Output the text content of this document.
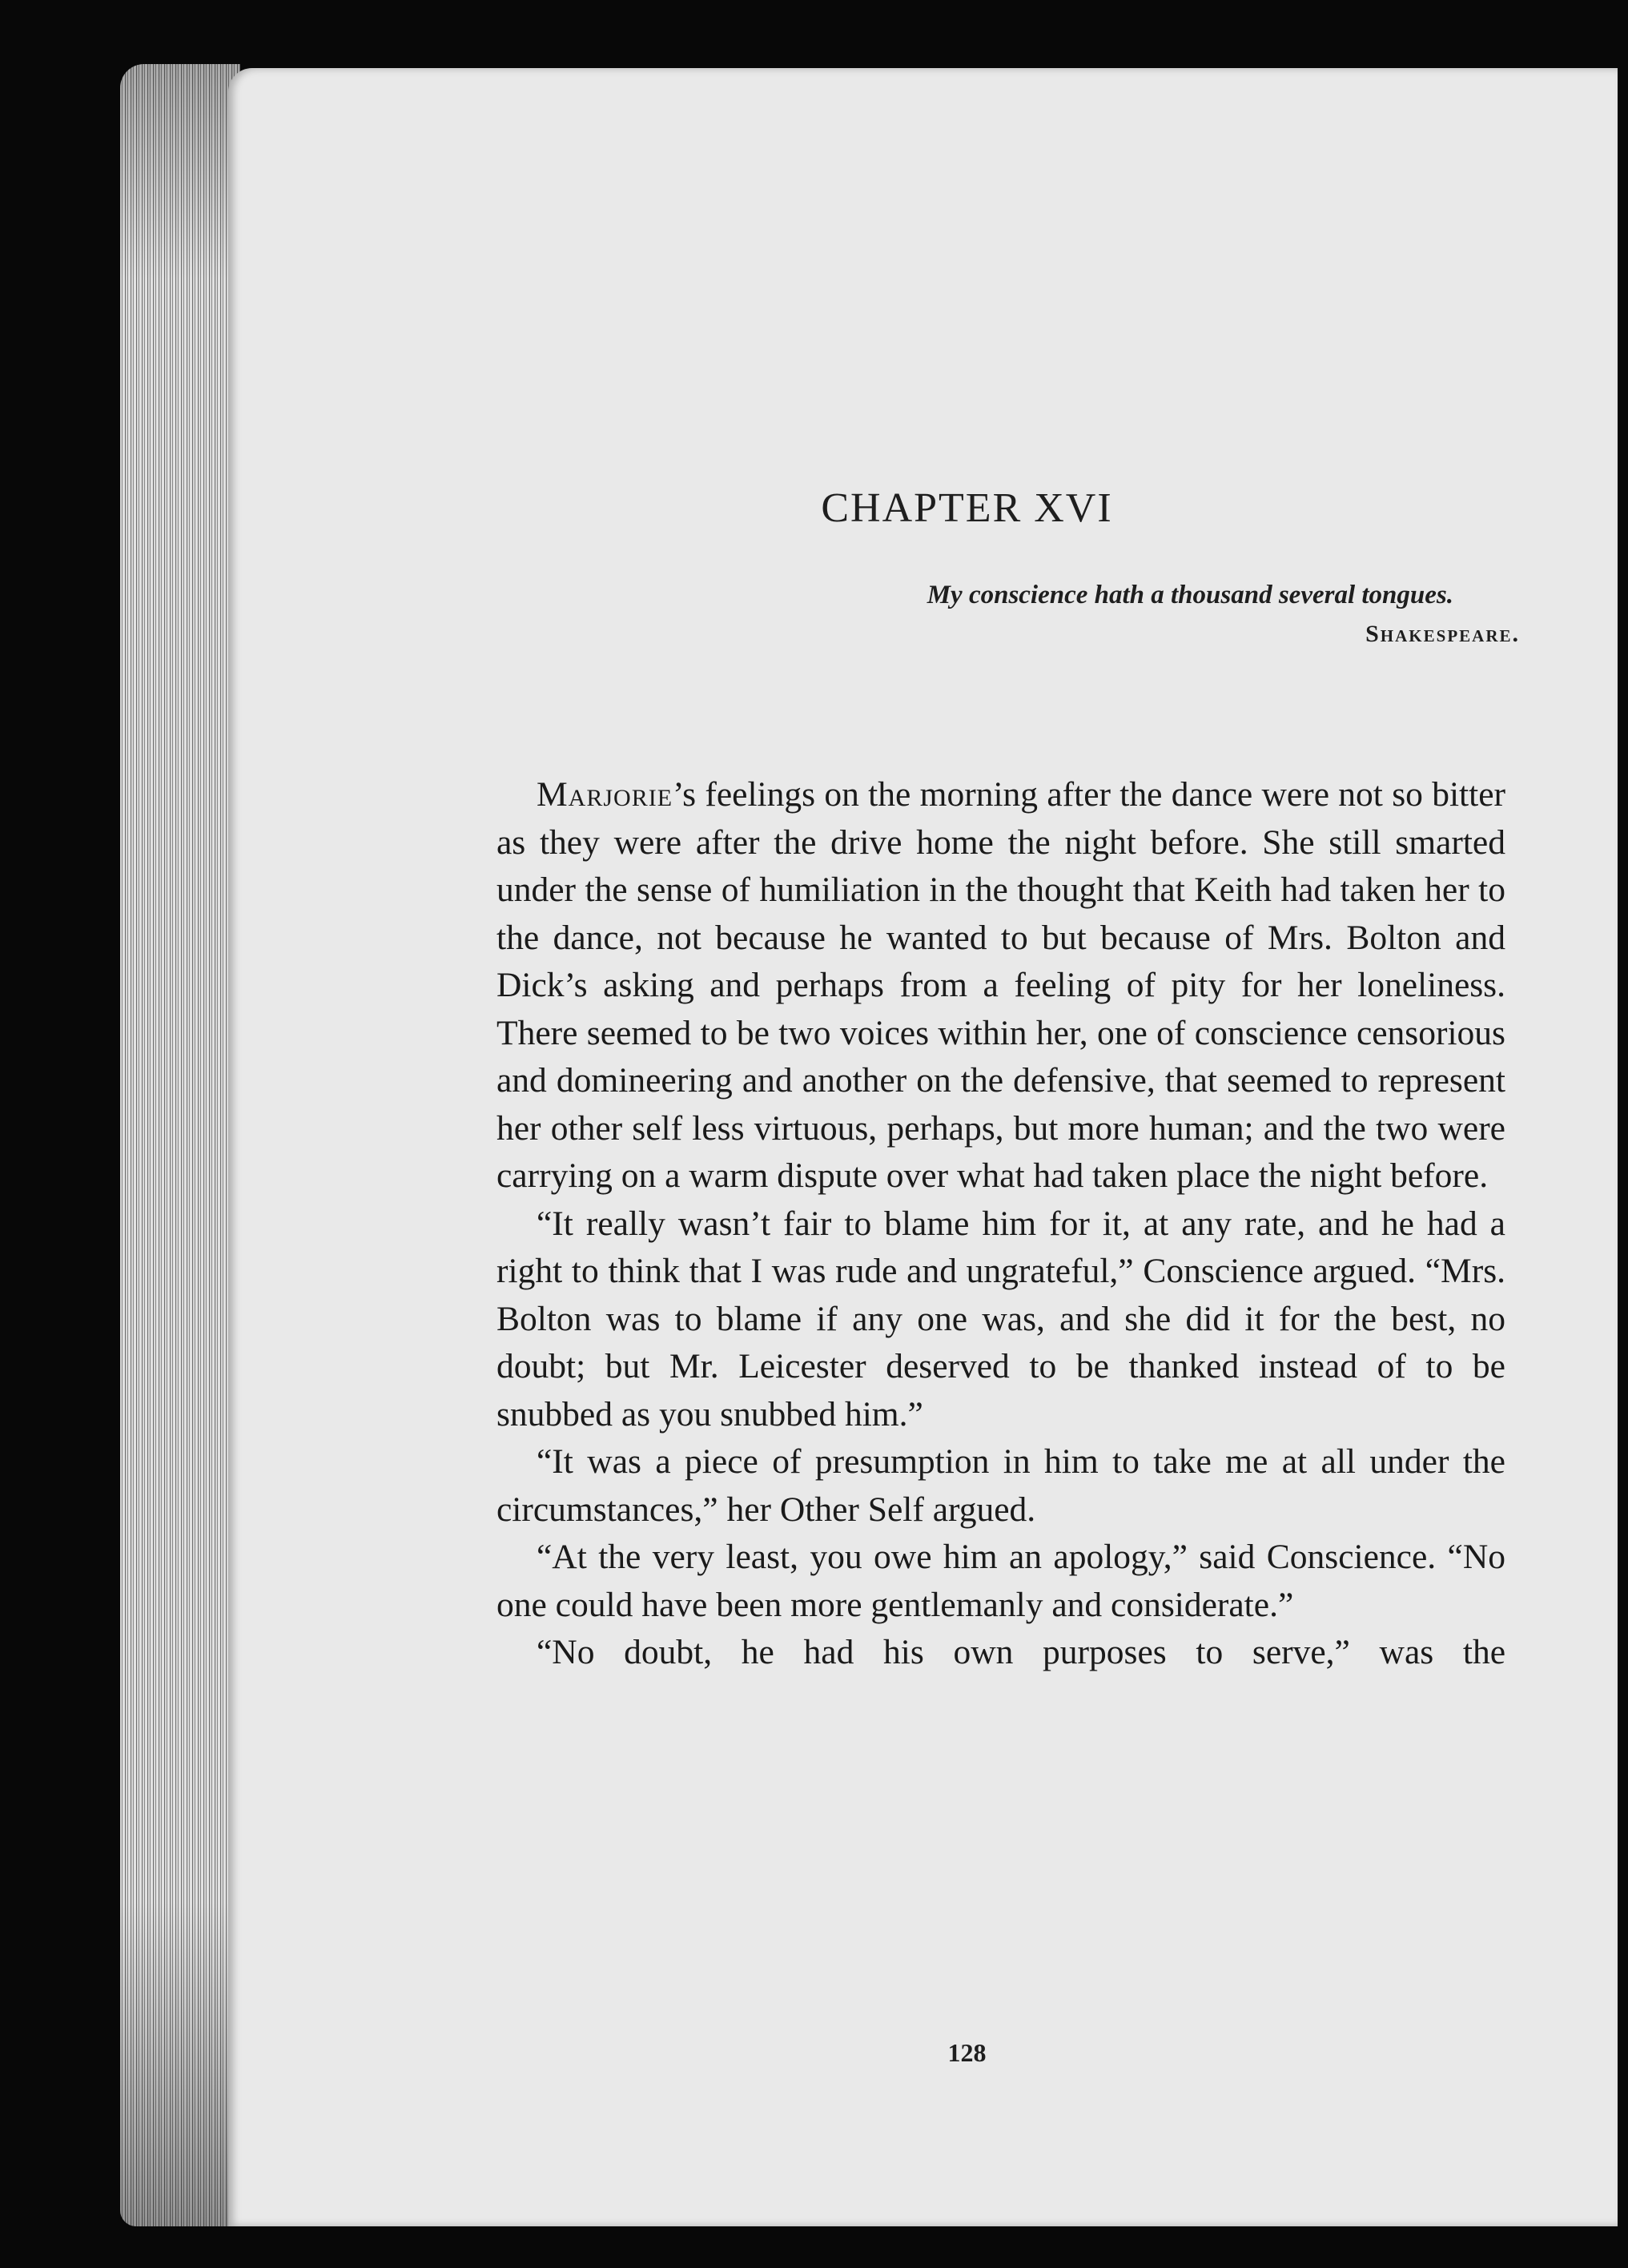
CHAPTER XVI
My conscience hath a thousand several tongues.
Shakespeare.

Marjorie’s feelings on the morning after the dance were not so bitter as they were after the drive home the night before. She still smarted under the sense of humiliation in the thought that Keith had taken her to the dance, not because he wanted to but because of Mrs. Bolton and Dick’s asking and perhaps from a feeling of pity for her loneliness. There seemed to be two voices within her, one of conscience censorious and domineering and another on the defensive, that seemed to represent her other self less virtuous, perhaps, but more human; and the two were carrying on a warm dispute over what had taken place the night before.

“It really wasn’t fair to blame him for it, at any rate, and he had a right to think that I was rude and ungrateful,” Conscience argued. “Mrs. Bolton was to blame if any one was, and she did it for the best, no doubt; but Mr. Leicester deserved to be thanked instead of to be snubbed as you snubbed him.”

“It was a piece of presumption in him to take me at all under the circumstances,” her Other Self argued.

“At the very least, you owe him an apology,” said Conscience. “No one could have been more gentlemanly and considerate.”

“No doubt, he had his own purposes to serve,” was the

128
